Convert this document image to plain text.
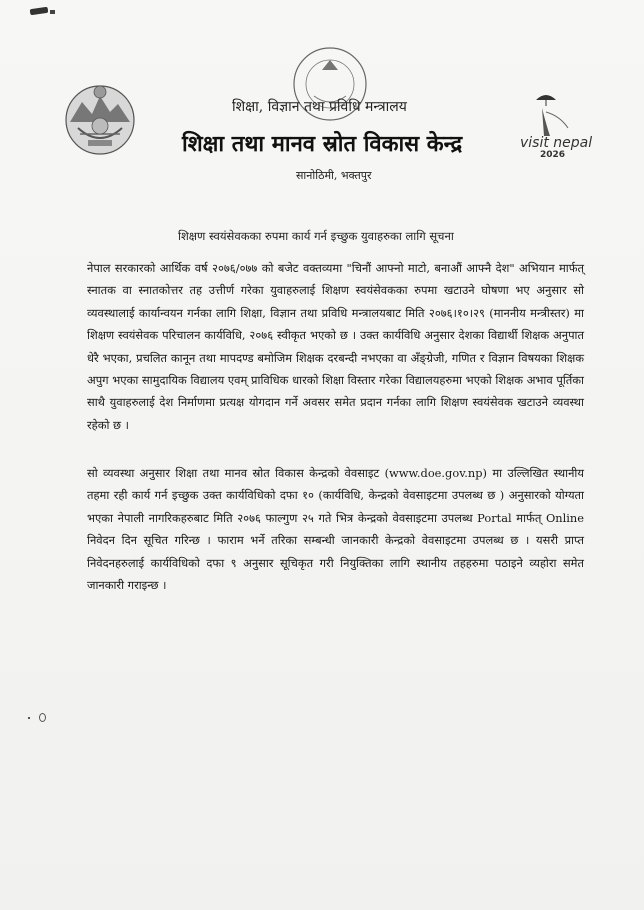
visit nepal
2026
शिक्षा, विज्ञान तथा प्रविधि मन्त्रालय
शिक्षा तथा मानव स्रोत विकास केन्द्र
सानोठिमी, भक्तपुर
शिक्षण स्वयंसेवकका रुपमा कार्य गर्न इच्छुक युवाहरुका लागि सूचना

नेपाल सरकारको आर्थिक वर्ष २०७६/०७७ को बजेट वक्तव्यमा "चिनौं आफ्नो माटो, बनाऔं आफ्नै देश" अभियान मार्फत् स्नातक वा स्नातकोत्तर तह उत्तीर्ण गरेका युवाहरुलाई शिक्षण स्वयंसेवकका रुपमा खटाउने घोषणा भए अनुसार सो व्यवस्थालाई कार्यान्वयन गर्नका लागि शिक्षा, विज्ञान तथा प्रविधि मन्त्रालयबाट मिति २०७६।१०।२९ (माननीय मन्त्रीस्तर) मा शिक्षण स्वयंसेवक परिचालन कार्यविधि, २०७६ स्वीकृत भएको छ । उक्त कार्यविधि अनुसार देशका विद्यार्थी शिक्षक अनुपात धेरै भएका, प्रचलित कानून तथा मापदण्ड बमोजिम शिक्षक दरबन्दी नभएका वा अँङ्ग्रेजी, गणित र विज्ञान विषयका शिक्षक अपुग भएका सामुदायिक विद्यालय एवम् प्राविधिक धारको शिक्षा विस्तार गरेका विद्यालयहरुमा भएको शिक्षक अभाव पूर्तिका साथै युवाहरुलाई देश निर्माणमा प्रत्यक्ष योगदान गर्ने अवसर समेत प्रदान गर्नका लागि शिक्षण स्वयंसेवक खटाउने व्यवस्था रहेको छ ।

सो व्यवस्था अनुसार शिक्षा तथा मानव स्रोत विकास केन्द्रको वेवसाइट (www.doe.gov.np) मा उल्लिखित स्थानीय तहमा रही कार्य गर्न इच्छुक उक्त कार्यविधिको दफा १० (कार्यविधि, केन्द्रको वेवसाइटमा उपलब्ध छ ) अनुसारको योग्यता भएका नेपाली नागरिकहरुबाट मिति २०७६ फाल्गुण २५ गते भित्र केन्द्रको वेवसाइटमा उपलब्ध Portal मार्फत् Online निवेदन दिन सूचित गरिन्छ । फाराम भर्ने तरिका सम्बन्धी जानकारी केन्द्रको वेवसाइटमा उपलब्ध छ । यसरी प्राप्त निवेदनहरुलाई कार्यविधिको दफा ९ अनुसार सूचिकृत गरी नियुक्तिका लागि स्थानीय तहहरुमा पठाइने व्यहोरा समेत जानकारी गराइन्छ ।
